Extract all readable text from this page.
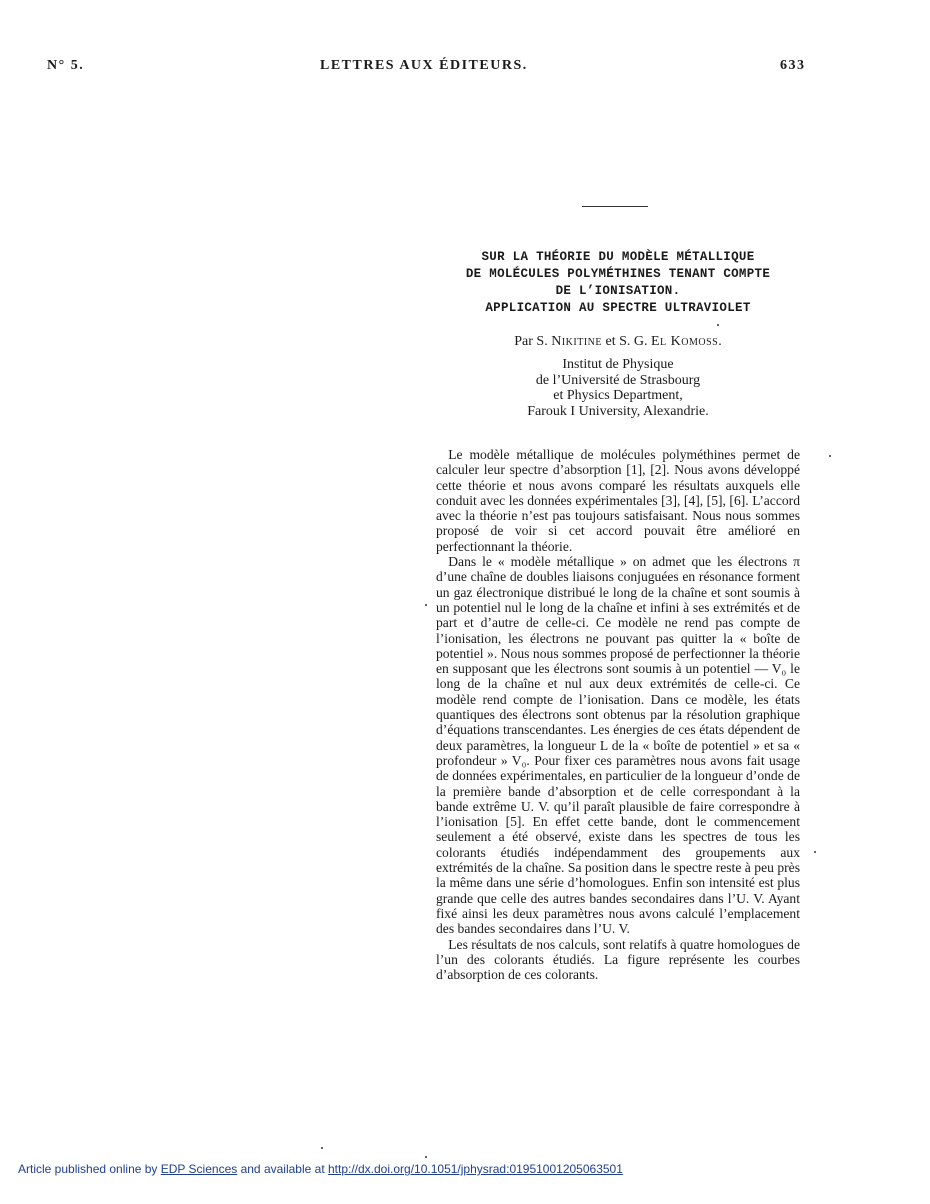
N° 5.	LETTRES AUX ÉDITEURS.	633
SUR LA THÉORIE DU MODÈLE MÉTALLIQUE
DE MOLÉCULES POLYMÉTHINES TENANT COMPTE
DE L’IONISATION.
APPLICATION AU SPECTRE ULTRAVIOLET
Par S. Nikitine et S. G. El Komoss.
Institut de Physique
de l’Université de Strasbourg
et Physics Department,
Farouk I University, Alexandrie.

Le modèle métallique de molécules polyméthines permet de calculer leur spectre d’absorption [1], [2]. Nous avons développé cette théorie et nous avons comparé les résultats auxquels elle conduit avec les données expérimentales [3], [4], [5], [6]. L’accord avec la théorie n’est pas toujours satisfaisant. Nous nous sommes proposé de voir si cet accord pouvait être amélioré en perfectionnant la théorie.

Dans le « modèle métallique » on admet que les électrons π d’une chaîne de doubles liaisons conjuguées en résonance forment un gaz électronique distribué le long de la chaîne et sont soumis à un potentiel nul le long de la chaîne et infini à ses extrémités et de part et d’autre de celle-ci. Ce modèle ne rend pas compte de l’ionisation, les électrons ne pouvant pas quitter la « boîte de potentiel ». Nous nous sommes proposé de perfectionner la théorie en supposant que les électrons sont soumis à un potentiel — V₀ le long de la chaîne et nul aux deux extrémités de celle-ci. Ce modèle rend compte de l’ionisation. Dans ce modèle, les états quantiques des électrons sont obtenus par la résolution graphique d’équations transcendantes. Les énergies de ces états dépendent de deux paramètres, la longueur L de la « boîte de potentiel » et sa « profondeur » V₀. Pour fixer ces paramètres nous avons fait usage de données expérimentales, en particulier de la longueur d’onde de la première bande d’absorption et de celle correspondant à la bande extrême U. V. qu’il paraît plausible de faire correspondre à l’ionisation [5]. En effet cette bande, dont le commencement seulement a été observé, existe dans les spectres de tous les colorants étudiés indépendamment des groupements aux extrémités de la chaîne. Sa position dans le spectre reste à peu près la même dans une série d’homologues. Enfin son intensité est plus grande que celle des autres bandes secondaires dans l’U. V. Ayant fixé ainsi les deux paramètres nous avons calculé l’emplacement des bandes secondaires dans l’U. V.

Les résultats de nos calculs, sont relatifs à quatre homologues de l’un des colorants étudiés. La figure représente les courbes d’absorption de ces colorants.

Article published online by EDP Sciences and available at http://dx.doi.org/10.1051/jphysrad:01951001205063501
